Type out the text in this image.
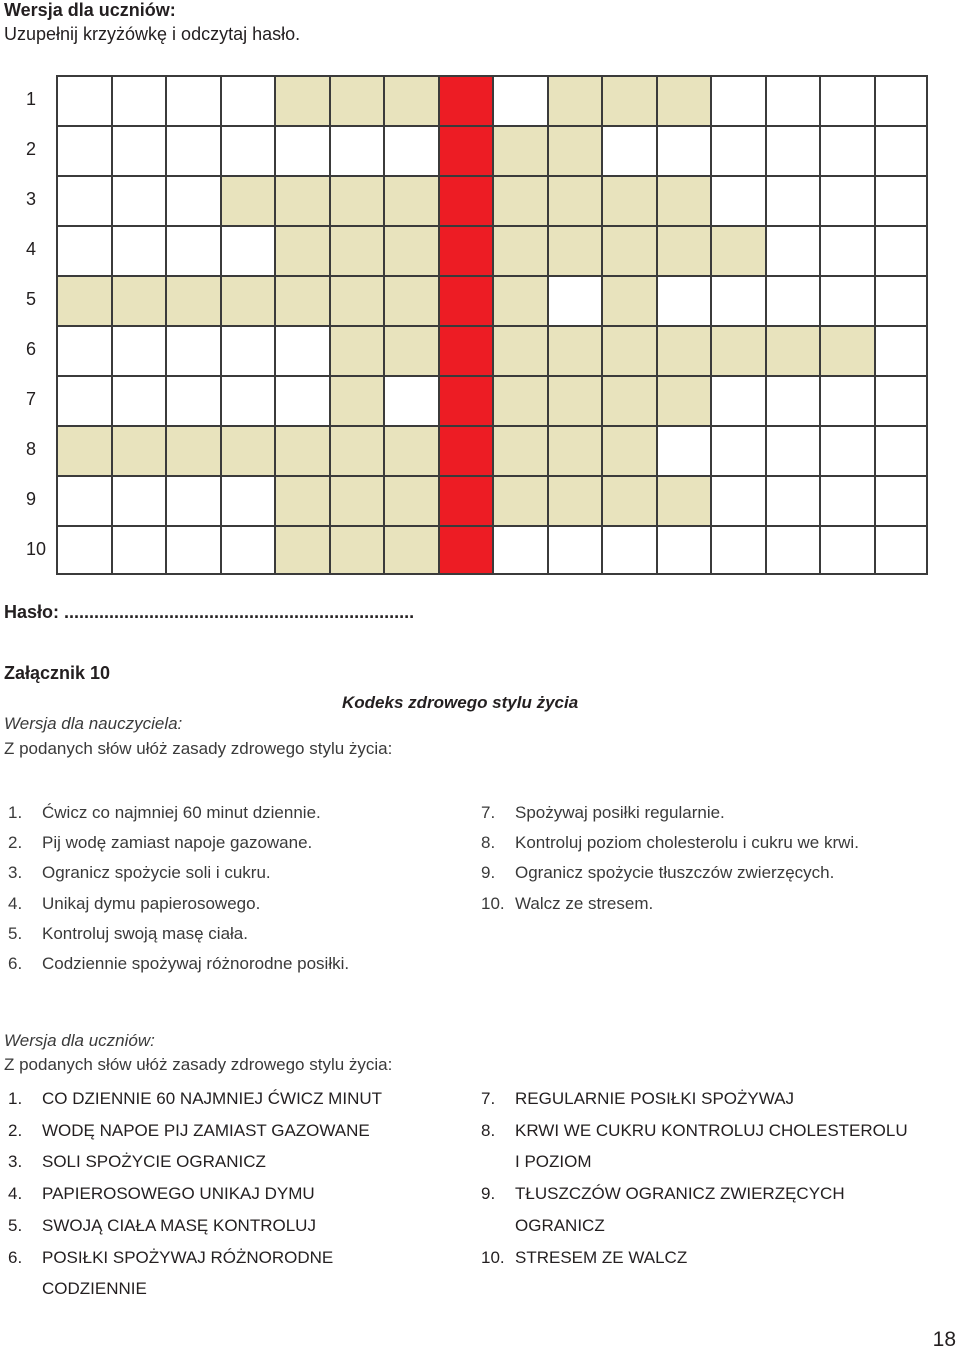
Wersja dla uczniów:
Uzupełnij krzyżówkę i odczytaj hasło.
1
2
3
4
5
6
7
8
9
10
Hasło: ......................................................................
Załącznik 10
Kodeks zdrowego stylu życia
Wersja dla nauczyciela:
Z podanych słów ułóż zasady zdrowego stylu życia:
1. Ćwicz co najmniej 60 minut dziennie.
2. Pij wodę zamiast napoje gazowane.
3. Ogranicz spożycie soli i cukru.
4. Unikaj dymu papierosowego.
5. Kontroluj swoją masę ciała.
6. Codziennie spożywaj różnorodne posiłki.
7. Spożywaj posiłki regularnie.
8. Kontroluj poziom cholesterolu i cukru we krwi.
9. Ogranicz spożycie tłuszczów zwierzęcych.
10. Walcz ze stresem.
Wersja dla uczniów:
Z podanych słów ułóż zasady zdrowego stylu życia:
1. CO DZIENNIE 60 NAJMNIEJ ĆWICZ MINUT
2. WODĘ NAPOE PIJ ZAMIAST GAZOWANE
3. SOLI SPOŻYCIE OGRANICZ
4. PAPIEROSOWEGO UNIKAJ DYMU
5. SWOJĄ CIAŁA MASĘ KONTROLUJ
6. POSIŁKI SPOŻYWAJ RÓŻNORODNE
CODZIENNIE
7. REGULARNIE POSIŁKI SPOŻYWAJ
8. KRWI WE CUKRU KONTROLUJ CHOLESTEROLU
I POZIOM
9. TŁUSZCZÓW OGRANICZ ZWIERZĘCYCH
OGRANICZ
10. STRESEM ZE WALCZ
18
